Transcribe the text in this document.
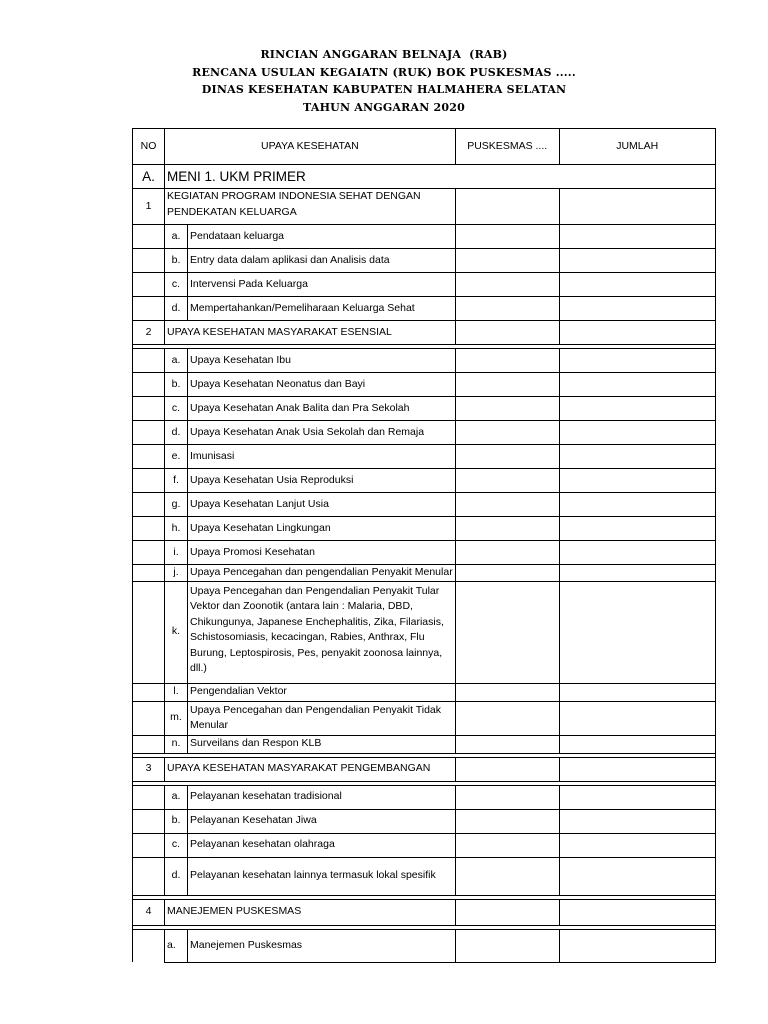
RINCIAN ANGGARAN BELNAJA  (RAB)
RENCANA USULAN KEGAIATN (RUK) BOK PUSKESMAS .....
DINAS KESEHATAN KABUPATEN HALMAHERA SELATAN
TAHUN ANGGARAN 2020
NO	UPAYA KESEHATAN		PUSKESMAS ....	JUMLAH
A.	MENI 1. UKM PRIMER			
1	KEGIATAN PROGRAM INDONESIA SEHAT DENGAN PENDEKATAN KELUARGA			
	a.	Pendataan keluarga		
	b.	Entry data dalam aplikasi dan Analisis data		
	c.	Intervensi Pada Keluarga		
	d.	Mempertahankan/Pemeliharaan Keluarga Sehat		
2	UPAYA KESEHATAN MASYARAKAT ESENSIAL			

	a.	Upaya Kesehatan Ibu		
	b.	Upaya Kesehatan Neonatus dan Bayi		
	c.	Upaya Kesehatan Anak Balita dan Pra Sekolah		
	d.	Upaya Kesehatan Anak Usia Sekolah dan Remaja		
	e.	Imunisasi		
	f.	Upaya Kesehatan Usia Reproduksi		
	g.	Upaya Kesehatan Lanjut Usia		
	h.	Upaya Kesehatan Lingkungan		
	i.	Upaya Promosi Kesehatan		
	j.	Upaya Pencegahan dan pengendalian Penyakit Menular		
	k.	Upaya Pencegahan dan Pengendalian Penyakit Tular Vektor dan Zoonotik (antara lain : Malaria, DBD, Chikungunya, Japanese Enchephalitis, Zika, Filariasis, Schistosomiasis, kecacingan, Rabies, Anthrax, Flu Burung, Leptospirosis, Pes, penyakit zoonosa lainnya, dll.)		
	l.	Pengendalian Vektor		
	m.	Upaya Pencegahan dan Pengendalian Penyakit Tidak Menular		
	n.	Surveilans dan Respon KLB		

3	UPAYA KESEHATAN MASYARAKAT PENGEMBANGAN			

	a.	Pelayanan kesehatan tradisional		
	b.	Pelayanan Kesehatan Jiwa		
	c.	Pelayanan kesehatan olahraga		
	d.	Pelayanan kesehatan lainnya termasuk lokal spesifik		

4	MANEJEMEN PUSKESMAS			

	a.	Manejemen Puskesmas		
